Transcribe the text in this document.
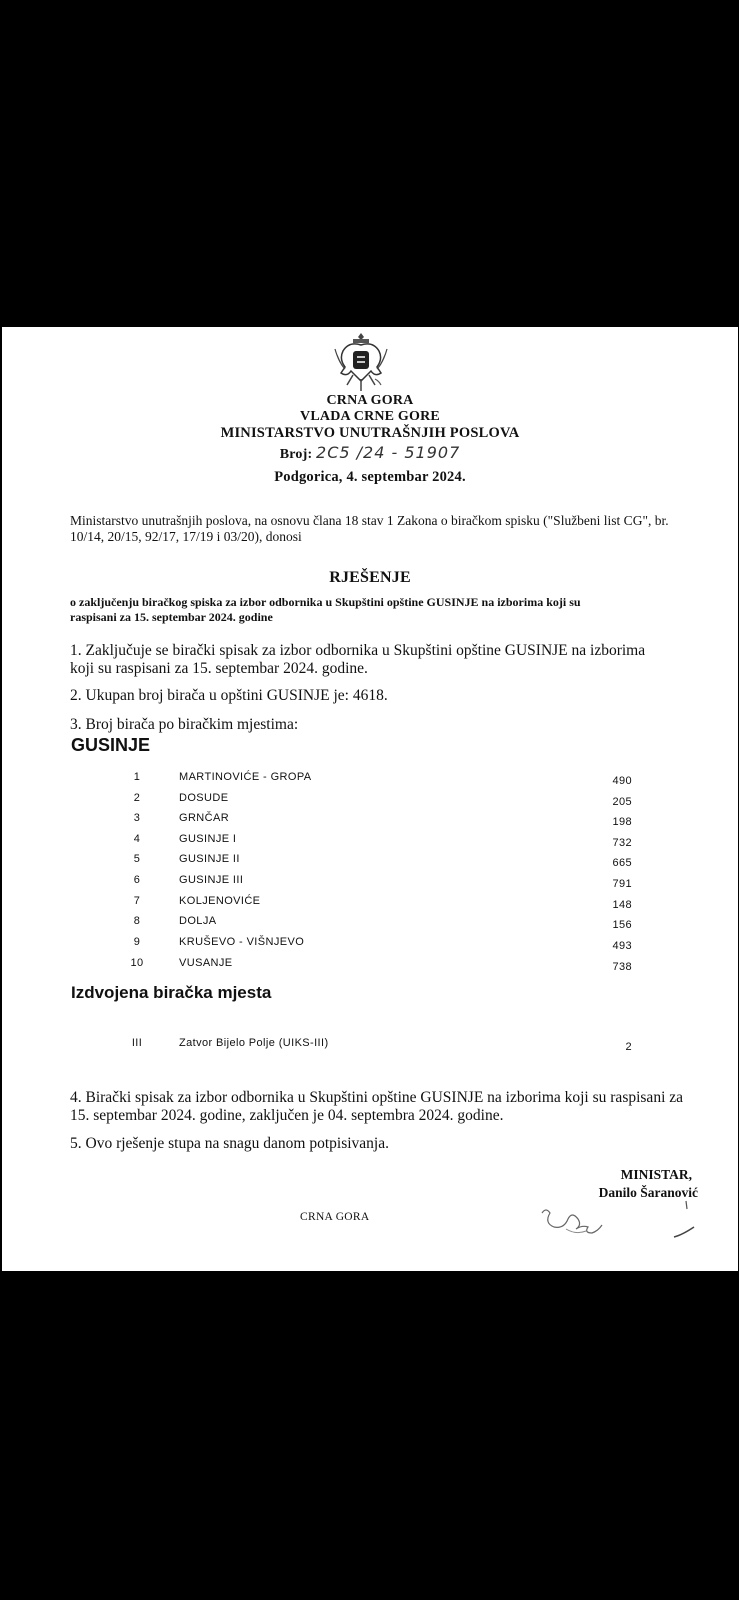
CRNA GORA
VLADA CRNE GORE
MINISTARSTVO UNUTRAŠNJIH POSLOVA
Broj: 2C5 /24 - 51907
Podgorica, 4. septembar 2024.
Ministarstvo unutrašnjih poslova, na osnovu člana 18 stav 1 Zakona o biračkom spisku ("Službeni list CG", br. 10/14, 20/15, 92/17, 17/19 i 03/20), donosi
RJEŠENJE
o zaključenju biračkog spiska za izbor odbornika u Skupštini opštine GUSINJE na izborima koji su raspisani za 15. septembar 2024. godine
1. Zaključuje se birački spisak za izbor odbornika u Skupštini opštine GUSINJE na izborima koji su raspisani za 15. septembar 2024. godine.
2. Ukupan broj birača u opštini GUSINJE je: 4618.
3. Broj birača po biračkim mjestima:
GUSINJE
1	MARTINOVIĆE - GROPA	490
2	DOSUDE	205
3	GRNČAR	198
4	GUSINJE I	732
5	GUSINJE II	665
6	GUSINJE III	791
7	KOLJENOVIĆE	148
8	DOLJA	156
9	KRUŠEVO - VIŠNJEVO	493
10	VUSANJE	738
Izdvojena biračka mjesta
III	Zatvor Bijelo Polje (UIKS-III)	2
4. Birački spisak za izbor odbornika u Skupštini opštine GUSINJE na izborima koji su raspisani za 15. septembar 2024. godine, zaključen je 04. septembra 2024. godine.
5. Ovo rješenje stupa na snagu danom potpisivanja.
MINISTAR,
Danilo Šaranović
CRNA GORA
